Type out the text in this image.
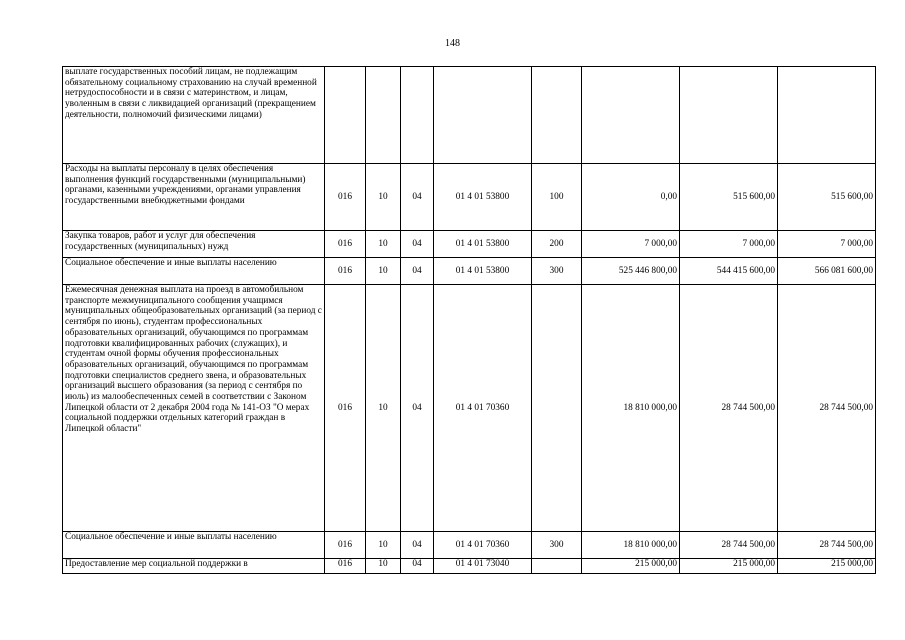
148
выплате государственных пособий лицам, не подлежащим обязательному социальному страхованию на случай временной нетрудоспособности и в связи с материнством, и лицам, уволенным в связи с ликвидацией организаций (прекращением деятельности, полномочий физическими лицами)								
Расходы на выплаты персоналу в целях обеспечения выполнения функций государственными (муниципальными) органами, казенными учреждениями, органами управления государственными внебюджетными фондами	016	10	04	01 4 01 53800	100	0,00	515 600,00	515 600,00
Закупка товаров, работ и услуг для обеспечения государственных (муниципальных) нужд	016	10	04	01 4 01 53800	200	7 000,00	7 000,00	7 000,00
Социальное обеспечение и иные выплаты населению	016	10	04	01 4 01 53800	300	525 446 800,00	544 415 600,00	566 081 600,00
Ежемесячная денежная выплата на проезд в автомобильном транспорте межмуниципального сообщения учащимся муниципальных общеобразовательных организаций (за период с сентября по июнь), студентам профессиональных образовательных организаций, обучающимся по программам подготовки квалифицированных рабочих (служащих), и студентам очной формы обучения профессиональных образовательных организаций, обучающимся по программам подготовки специалистов среднего звена, и образовательных организаций высшего образования (за период с сентября по июль) из малообеспеченных семей в соответствии с Законом Липецкой области от 2 декабря 2004 года № 141-ОЗ "О мерах социальной поддержки отдельных категорий граждан в Липецкой области"	016	10	04	01 4 01 70360		18 810 000,00	28 744 500,00	28 744 500,00
Социальное обеспечение и иные выплаты населению	016	10	04	01 4 01 70360	300	18 810 000,00	28 744 500,00	28 744 500,00
Предоставление мер социальной поддержки в	016	10	04	01 4 01 73040		215 000,00	215 000,00	215 000,00
